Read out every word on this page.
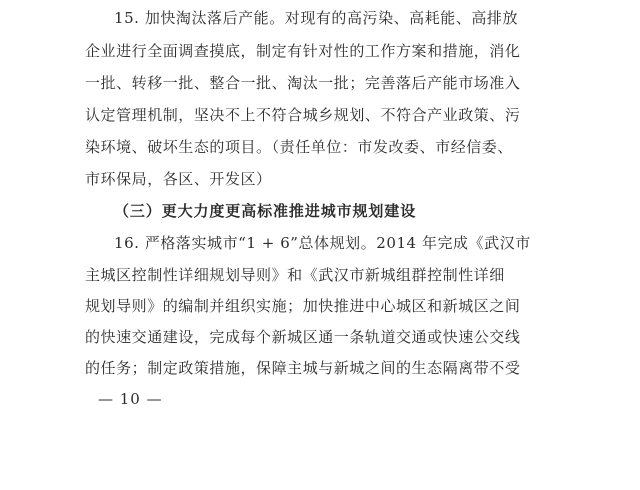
15. 加快淘汰落后产能。对现有的高污染、高耗能、高排放
企业进行全面调查摸底，制定有针对性的工作方案和措施，消化
一批、转移一批、整合一批、淘汰一批；完善落后产能市场准入
认定管理机制，坚决不上不符合城乡规划、不符合产业政策、污
染环境、破坏生态的项目。（责任单位：市发改委、市经信委、
市环保局，各区、开发区）
（三）更大力度更高标准推进城市规划建设
16. 严格落实城市“1 + 6”总体规划。2014 年完成《武汉市
主城区控制性详细规划导则》和《武汉市新城组群控制性详细
规划导则》的编制并组织实施；加快推进中心城区和新城区之间
的快速交通建设，完成每个新城区通一条轨道交通或快速公交线
的任务；制定政策措施，保障主城与新城之间的生态隔离带不受
— 10 —
